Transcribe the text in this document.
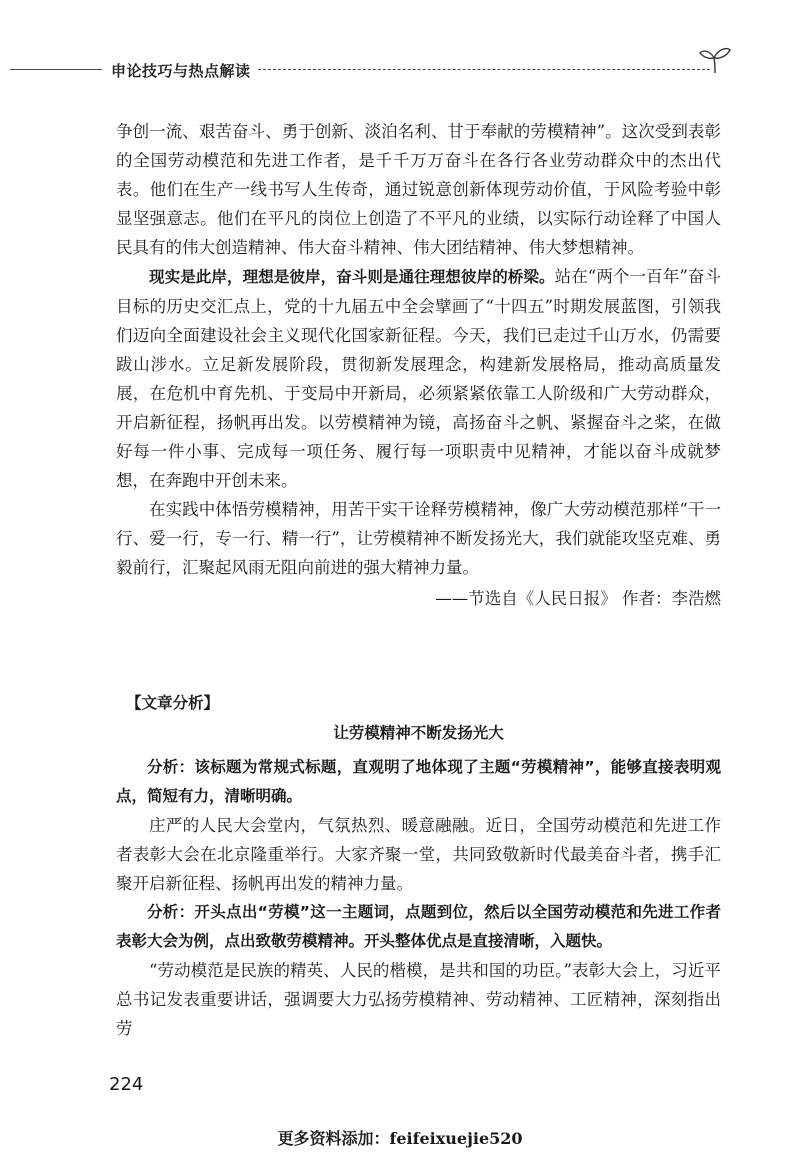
申论技巧与热点解读

争创一流、艰苦奋斗、勇于创新、淡泊名利、甘于奉献的劳模精神”。这次受到表彰的全国劳动模范和先进工作者，是千千万万奋斗在各行各业劳动群众中的杰出代表。他们在生产一线书写人生传奇，通过锐意创新体现劳动价值，于风险考验中彰显坚强意志。他们在平凡的岗位上创造了不平凡的业绩，以实际行动诠释了中国人民具有的伟大创造精神、伟大奋斗精神、伟大团结精神、伟大梦想精神。

现实是此岸，理想是彼岸，奋斗则是通往理想彼岸的桥梁。站在“两个一百年”奋斗目标的历史交汇点上，党的十九届五中全会擘画了“十四五”时期发展蓝图，引领我们迈向全面建设社会主义现代化国家新征程。今天，我们已走过千山万水，仍需要跋山涉水。立足新发展阶段，贯彻新发展理念，构建新发展格局，推动高质量发展，在危机中育先机、于变局中开新局，必须紧紧依靠工人阶级和广大劳动群众，开启新征程，扬帆再出发。以劳模精神为镜，高扬奋斗之帆、紧握奋斗之桨，在做好每一件小事、完成每一项任务、履行每一项职责中见精神，才能以奋斗成就梦想，在奔跑中开创未来。

在实践中体悟劳模精神，用苦干实干诠释劳模精神，像广大劳动模范那样“干一行、爱一行，专一行、精一行”，让劳模精神不断发扬光大，我们就能攻坚克难、勇毅前行，汇聚起风雨无阻向前进的强大精神力量。

——节选自《人民日报》 作者：李浩燃

【文章分析】

让劳模精神不断发扬光大

分析：该标题为常规式标题，直观明了地体现了主题“劳模精神”，能够直接表明观点，简短有力，清晰明确。

庄严的人民大会堂内，气氛热烈、暖意融融。近日，全国劳动模范和先进工作者表彰大会在北京隆重举行。大家齐聚一堂，共同致敬新时代最美奋斗者，携手汇聚开启新征程、扬帆再出发的精神力量。

分析：开头点出“劳模”这一主题词，点题到位，然后以全国劳动模范和先进工作者表彰大会为例，点出致敬劳模精神。开头整体优点是直接清晰，入题快。

“劳动模范是民族的精英、人民的楷模，是共和国的功臣。”表彰大会上，习近平总书记发表重要讲话，强调要大力弘扬劳模精神、劳动精神、工匠精神，深刻指出劳

224
更多资料添加：feifeixuejie520
